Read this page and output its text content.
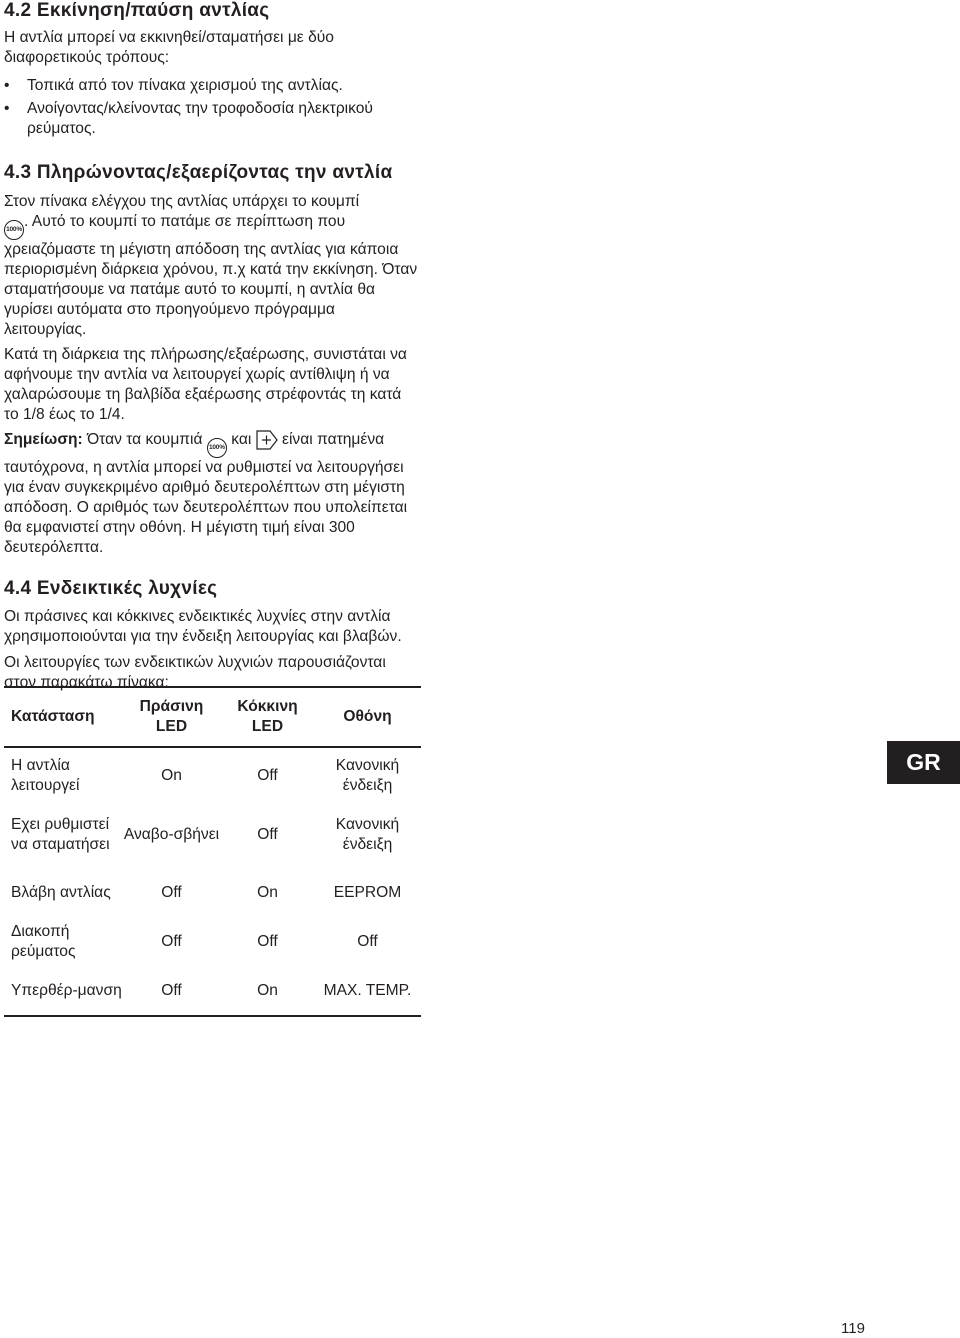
4.2 Εκκίνηση/παύση αντλίας

Η αντλία μπορεί να εκκινηθεί/σταματήσει με δύο διαφορετικούς τρόπους:

• Τοπικά από τον πίνακα χειρισμού της αντλίας.
• Ανοίγοντας/κλείνοντας την τροφοδοσία ηλεκτρικού ρεύματος.
4.3 Πληρώνοντας/εξαερίζοντας την αντλία

Στον πίνακα ελέγχου της αντλίας υπάρχει το κουμπί
100% . Αυτό το κουμπί το πατάμε σε περίπτωση που χρειαζόμαστε τη μέγιστη απόδοση της αντλίας για κάποια περιορισμένη διάρκεια χρόνου, π.χ κατά την εκκίνηση. Όταν σταματήσουμε να πατάμε αυτό το κουμπί, η αντλία θα γυρίσει αυτόματα στο προηγούμενο πρόγραμμα λειτουργίας.

Κατά τη διάρκεια της πλήρωσης/εξαέρωσης, συνιστάται να αφήνουμε την αντλία να λειτουργεί χωρίς αντίθλιψη ή να χαλαρώσουμε τη βαλβίδα εξαέρωσης στρέφοντάς τη κατά το 1/8 έως το 1/4.

Σημείωση: Όταν τα κουμπιά 100% και είναι πατημένα ταυτόχρονα, η αντλία μπορεί να ρυθμιστεί να λειτουργήσει για έναν συγκεκριμένο αριθμό δευτερολέπτων στη μέγιστη απόδοση. Ο αριθμός των δευτερολέπτων που υπολείπεται θα εμφανιστεί στην οθόνη. Η μέγιστη τιμή είναι 300 δευτερόλεπτα.

4.4 Ενδεικτικές λυχνίες

Οι πράσινες και κόκκινες ενδεικτικές λυχνίες στην αντλία χρησιμοποιούνται για την ένδειξη λειτουργίας και βλαβών.

Οι λειτουργίες των ενδεικτικών λυχνιών παρουσιάζονται στον παρακάτω πίνακα:

Κατάσταση	Πράσινη LED	Κόκκινη LED	Οθόνη
Η αντλία λειτουργεί	On	Off	Κανονική ένδειξη
Εχει ρυθμιστεί να σταματήσει	Αναβο-σβήνει	Off	Κανονική ένδειξη
Βλάβη αντλίας	Off	On	EEPROM
Διακοπή ρεύματος	Off	Off	Off
Υπερθέρ-μανση	Off	On	MAX. TEMP.
GR
119
